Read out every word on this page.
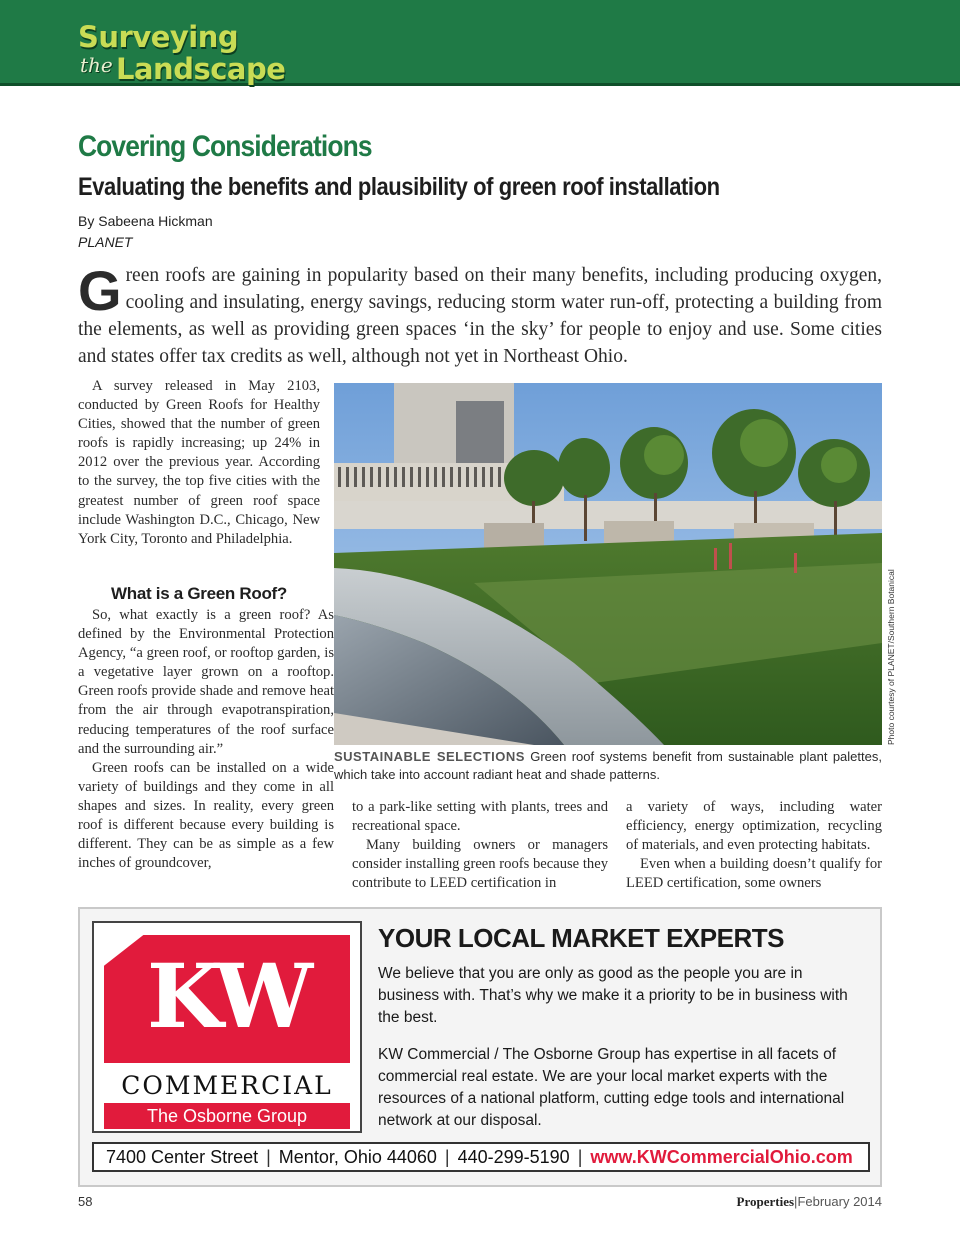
Surveying
the Landscape
Covering Considerations
Evaluating the benefits and plausibility of green roof installation
By Sabeena Hickman
PLANET
Green roofs are gaining in popularity based on their many benefits, including producing oxygen, cooling and insulating, energy savings, reducing storm water run-off, protecting a building from the elements, as well as providing green spaces ‘in the sky’ for people to enjoy and use. Some cities and states offer tax credits as well, although not yet in Northeast Ohio.

A survey released in May 2103, conducted by Green Roofs for Healthy Cities, showed that the number of green roofs is rapidly increasing; up 24% in 2012 over the previous year. According to the survey, the top five cities with the greatest number of green roof space include Washington D.C., Chicago, New York City, Toronto and Philadelphia.

What is a Green Roof?

So, what exactly is a green roof? As defined by the Environmental Protection Agency, “a green roof, or rooftop garden, is a vegetative layer grown on a rooftop. Green roofs provide shade and remove heat from the air through evapotranspiration, reducing temperatures of the roof surface and the surrounding air.”

Green roofs can be installed on a wide variety of buildings and they come in all shapes and sizes. In reality, every green roof is different because every building is different. They can be as simple as a few inches of groundcover,

Photo courtesy of PLANET/Southern Botanical
SUSTAINABLE SELECTIONS Green roof systems benefit from sustainable plant palettes, which take into account radiant heat and shade patterns.

to a park-like setting with plants, trees and recreational space.

Many building owners or managers consider installing green roofs because they contribute to LEED certification in

a variety of ways, including water efficiency, energy optimization, recycling of materials, and even protecting habitats.

Even when a building doesn’t qualify for LEED certification, some owners

KW
COMMERCIAL
The Osborne Group
YOUR LOCAL MARKET EXPERTS

We believe that you are only as good as the people you are in business with. That’s why we make it a priority to be in business with the best.

KW Commercial / The Osborne Group has expertise in all facets of commercial real estate. We are your local market experts with the resources of a national platform, cutting edge tools and international network at our disposal.

7400 Center Street | Mentor, Ohio 44060 | 440-299-5190 | www.KWCommercialOhio.com
58	Properties|February 2014
